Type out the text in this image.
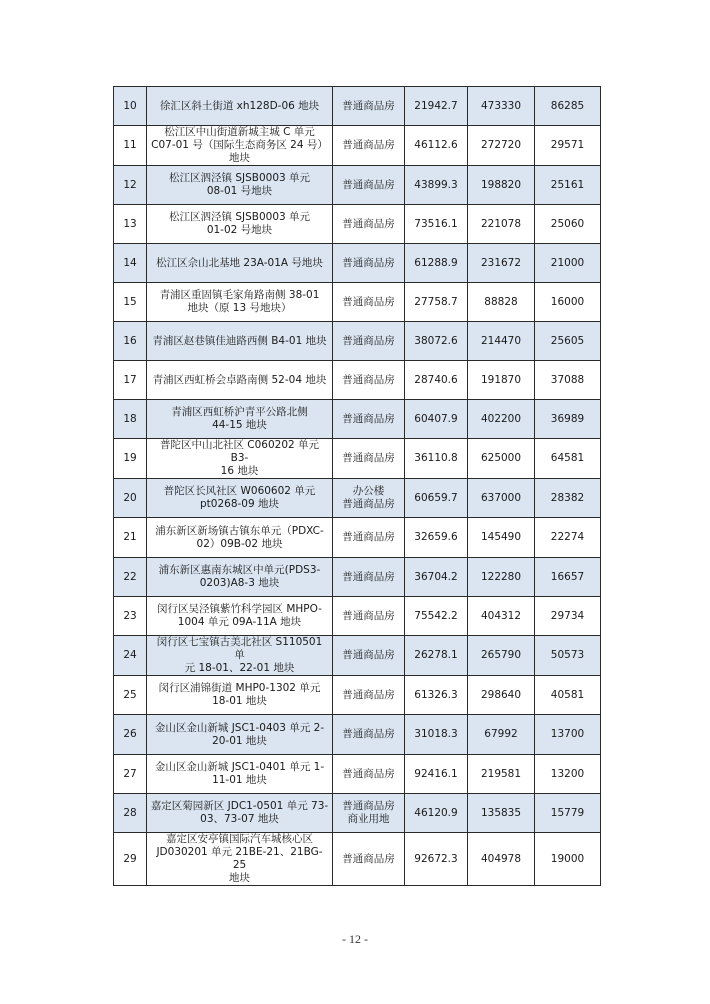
10	徐汇区斜土街道 xh128D-06 地块	普通商品房	21942.7	473330	86285
11	松江区中山街道新城主城 C 单元
C07-01 号（国际生态商务区 24 号）
地块	普通商品房	46112.6	272720	29571
12	松江区泗泾镇 SJSB0003 单元
08-01 号地块	普通商品房	43899.3	198820	25161
13	松江区泗泾镇 SJSB0003 单元
01-02 号地块	普通商品房	73516.1	221078	25060
14	松江区佘山北基地 23A-01A 号地块	普通商品房	61288.9	231672	21000
15	青浦区重固镇毛家角路南侧 38-01
地块（原 13 号地块）	普通商品房	27758.7	88828	16000
16	青浦区赵巷镇佳迪路西侧 B4-01 地块	普通商品房	38072.6	214470	25605
17	青浦区西虹桥会卓路南侧 52-04 地块	普通商品房	28740.6	191870	37088
18	青浦区西虹桥沪青平公路北侧
44-15 地块	普通商品房	60407.9	402200	36989
19	普陀区中山北社区 C060202 单元 B3-
16 地块	普通商品房	36110.8	625000	64581
20	普陀区长风社区 W060602 单元
pt0268-09 地块	办公楼
普通商品房	60659.7	637000	28382
21	浦东新区新场镇古镇东单元（PDXC-
02）09B-02 地块	普通商品房	32659.6	145490	22274
22	浦东新区惠南东城区中单元(PDS3-
0203)A8-3 地块	普通商品房	36704.2	122280	16657
23	闵行区吴泾镇紫竹科学园区 MHPO-
1004 单元 09A-11A 地块	普通商品房	75542.2	404312	29734
24	闵行区七宝镇古美北社区 S110501 单
元 18-01、22-01 地块	普通商品房	26278.1	265790	50573
25	闵行区浦锦街道 MHP0-1302 单元
18-01 地块	普通商品房	61326.3	298640	40581
26	金山区金山新城 JSC1-0403 单元 2-
20-01 地块	普通商品房	31018.3	67992	13700
27	金山区金山新城 JSC1-0401 单元 1-
11-01 地块	普通商品房	92416.1	219581	13200
28	嘉定区菊园新区 JDC1-0501 单元 73-
03、73-07 地块	普通商品房
商业用地	46120.9	135835	15779
29	嘉定区安亭镇国际汽车城核心区
JD030201 单元 21BE-21、21BG-25
地块	普通商品房	92672.3	404978	19000
- 12 -
